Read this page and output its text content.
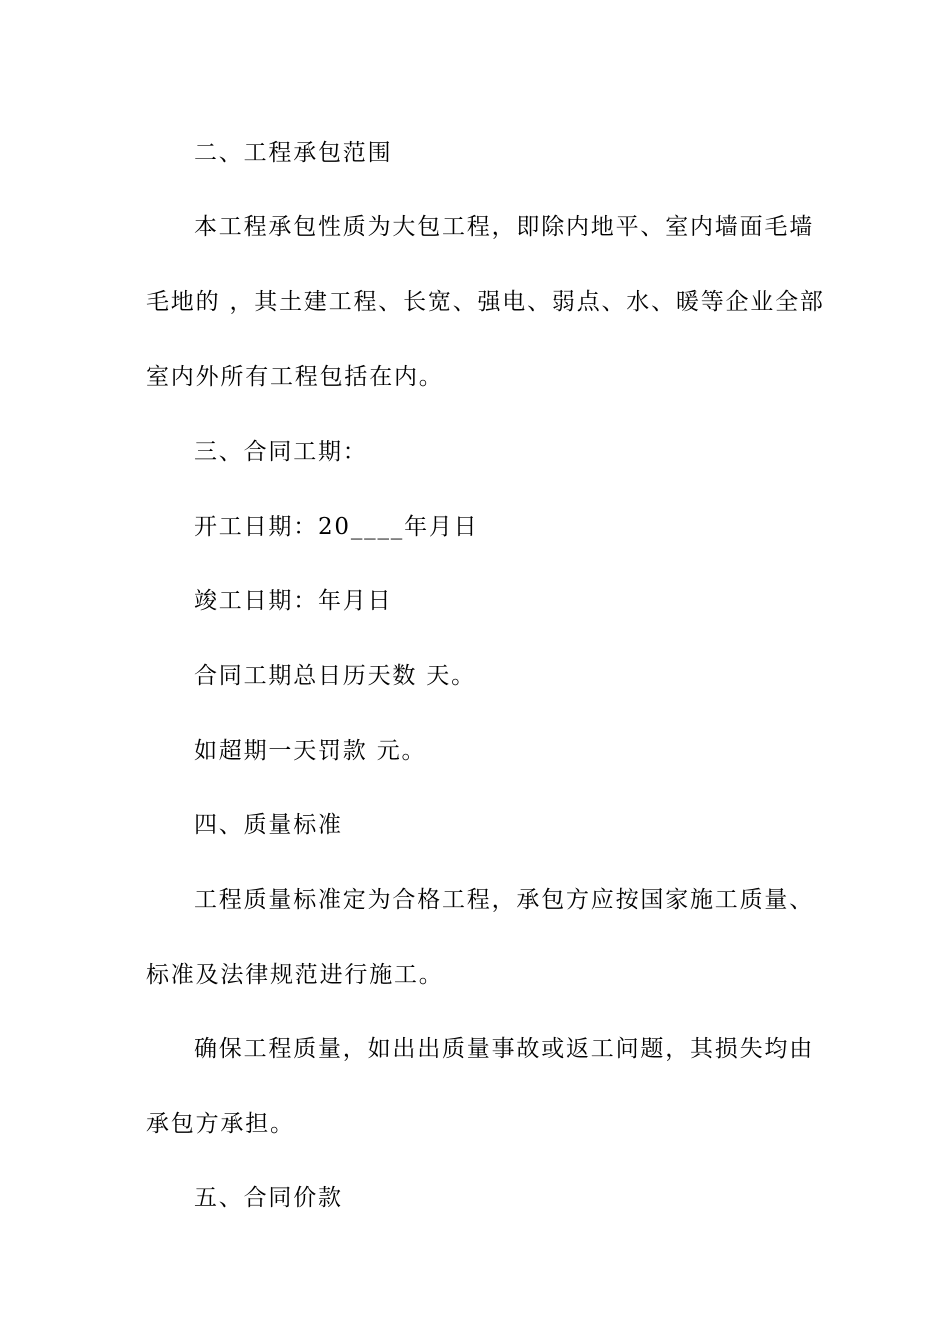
二、工程承包范围
本工程承包性质为大包工程，即除内地平、室内墙面毛墙
毛地的 ，其土建工程、长宽、强电、弱点、水、暖等企业全部
室内外所有工程包括在内。
三、合同工期：
开工日期：20____年月日
竣工日期：年月日
合同工期总日历天数 天。
如超期一天罚款 元。
四、质量标准
工程质量标准定为合格工程，承包方应按国家施工质量、
标准及法律规范进行施工。
确保工程质量，如出出质量事故或返工问题，其损失均由
承包方承担。
五、合同价款
